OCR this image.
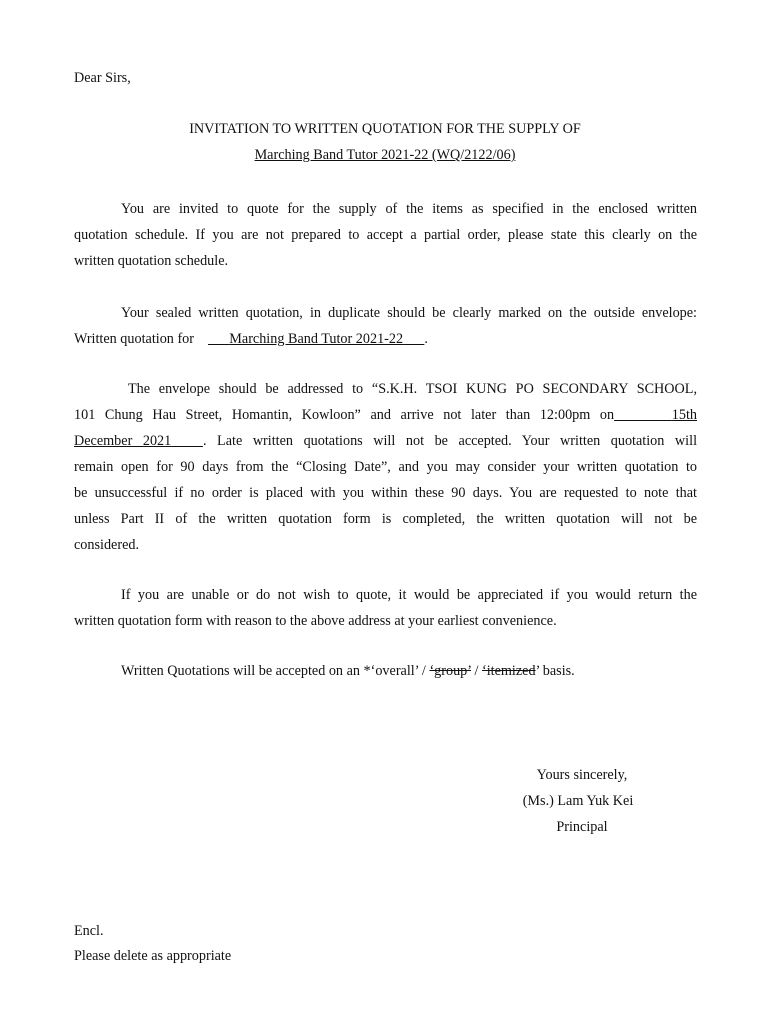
Dear Sirs,

INVITATION TO WRITTEN QUOTATION FOR THE SUPPLY OF

Marching Band Tutor 2021-22 (WQ/2122/06)

You are invited to quote for the supply of the items as specified in the enclosed written
quotation schedule. If you are not prepared to accept a partial order, please state this clearly on the
written quotation schedule.
Your sealed written quotation, in duplicate should be clearly marked on the outside envelope:
Written quotation for Marching Band Tutor 2021-22 .
The envelope should be addressed to “S.K.H. TSOI KUNG PO SECONDARY SCHOOL,
101 Chung Hau Street, Homantin, Kowloon” and arrive not later than 12:00pm on	15th
December 2021 . Late written quotations will not be accepted. Your written quotation will
remain open for 90 days from the “Closing Date”, and you may consider your written quotation to
be unsuccessful if no order is placed with you within these 90 days. You are requested to note that
unless Part II of the written quotation form is completed, the written quotation will not be
considered.
If you are unable or do not wish to quote, it would be appreciated if you would return the
written quotation form with reason to the above address at your earliest convenience.

Written Quotations will be accepted on an *‘overall’ / ‘group’ / ‘itemized’ basis.

Yours sincerely,

(Ms.) Lam Yuk Kei

Principal

Encl.

Please delete as appropriate
